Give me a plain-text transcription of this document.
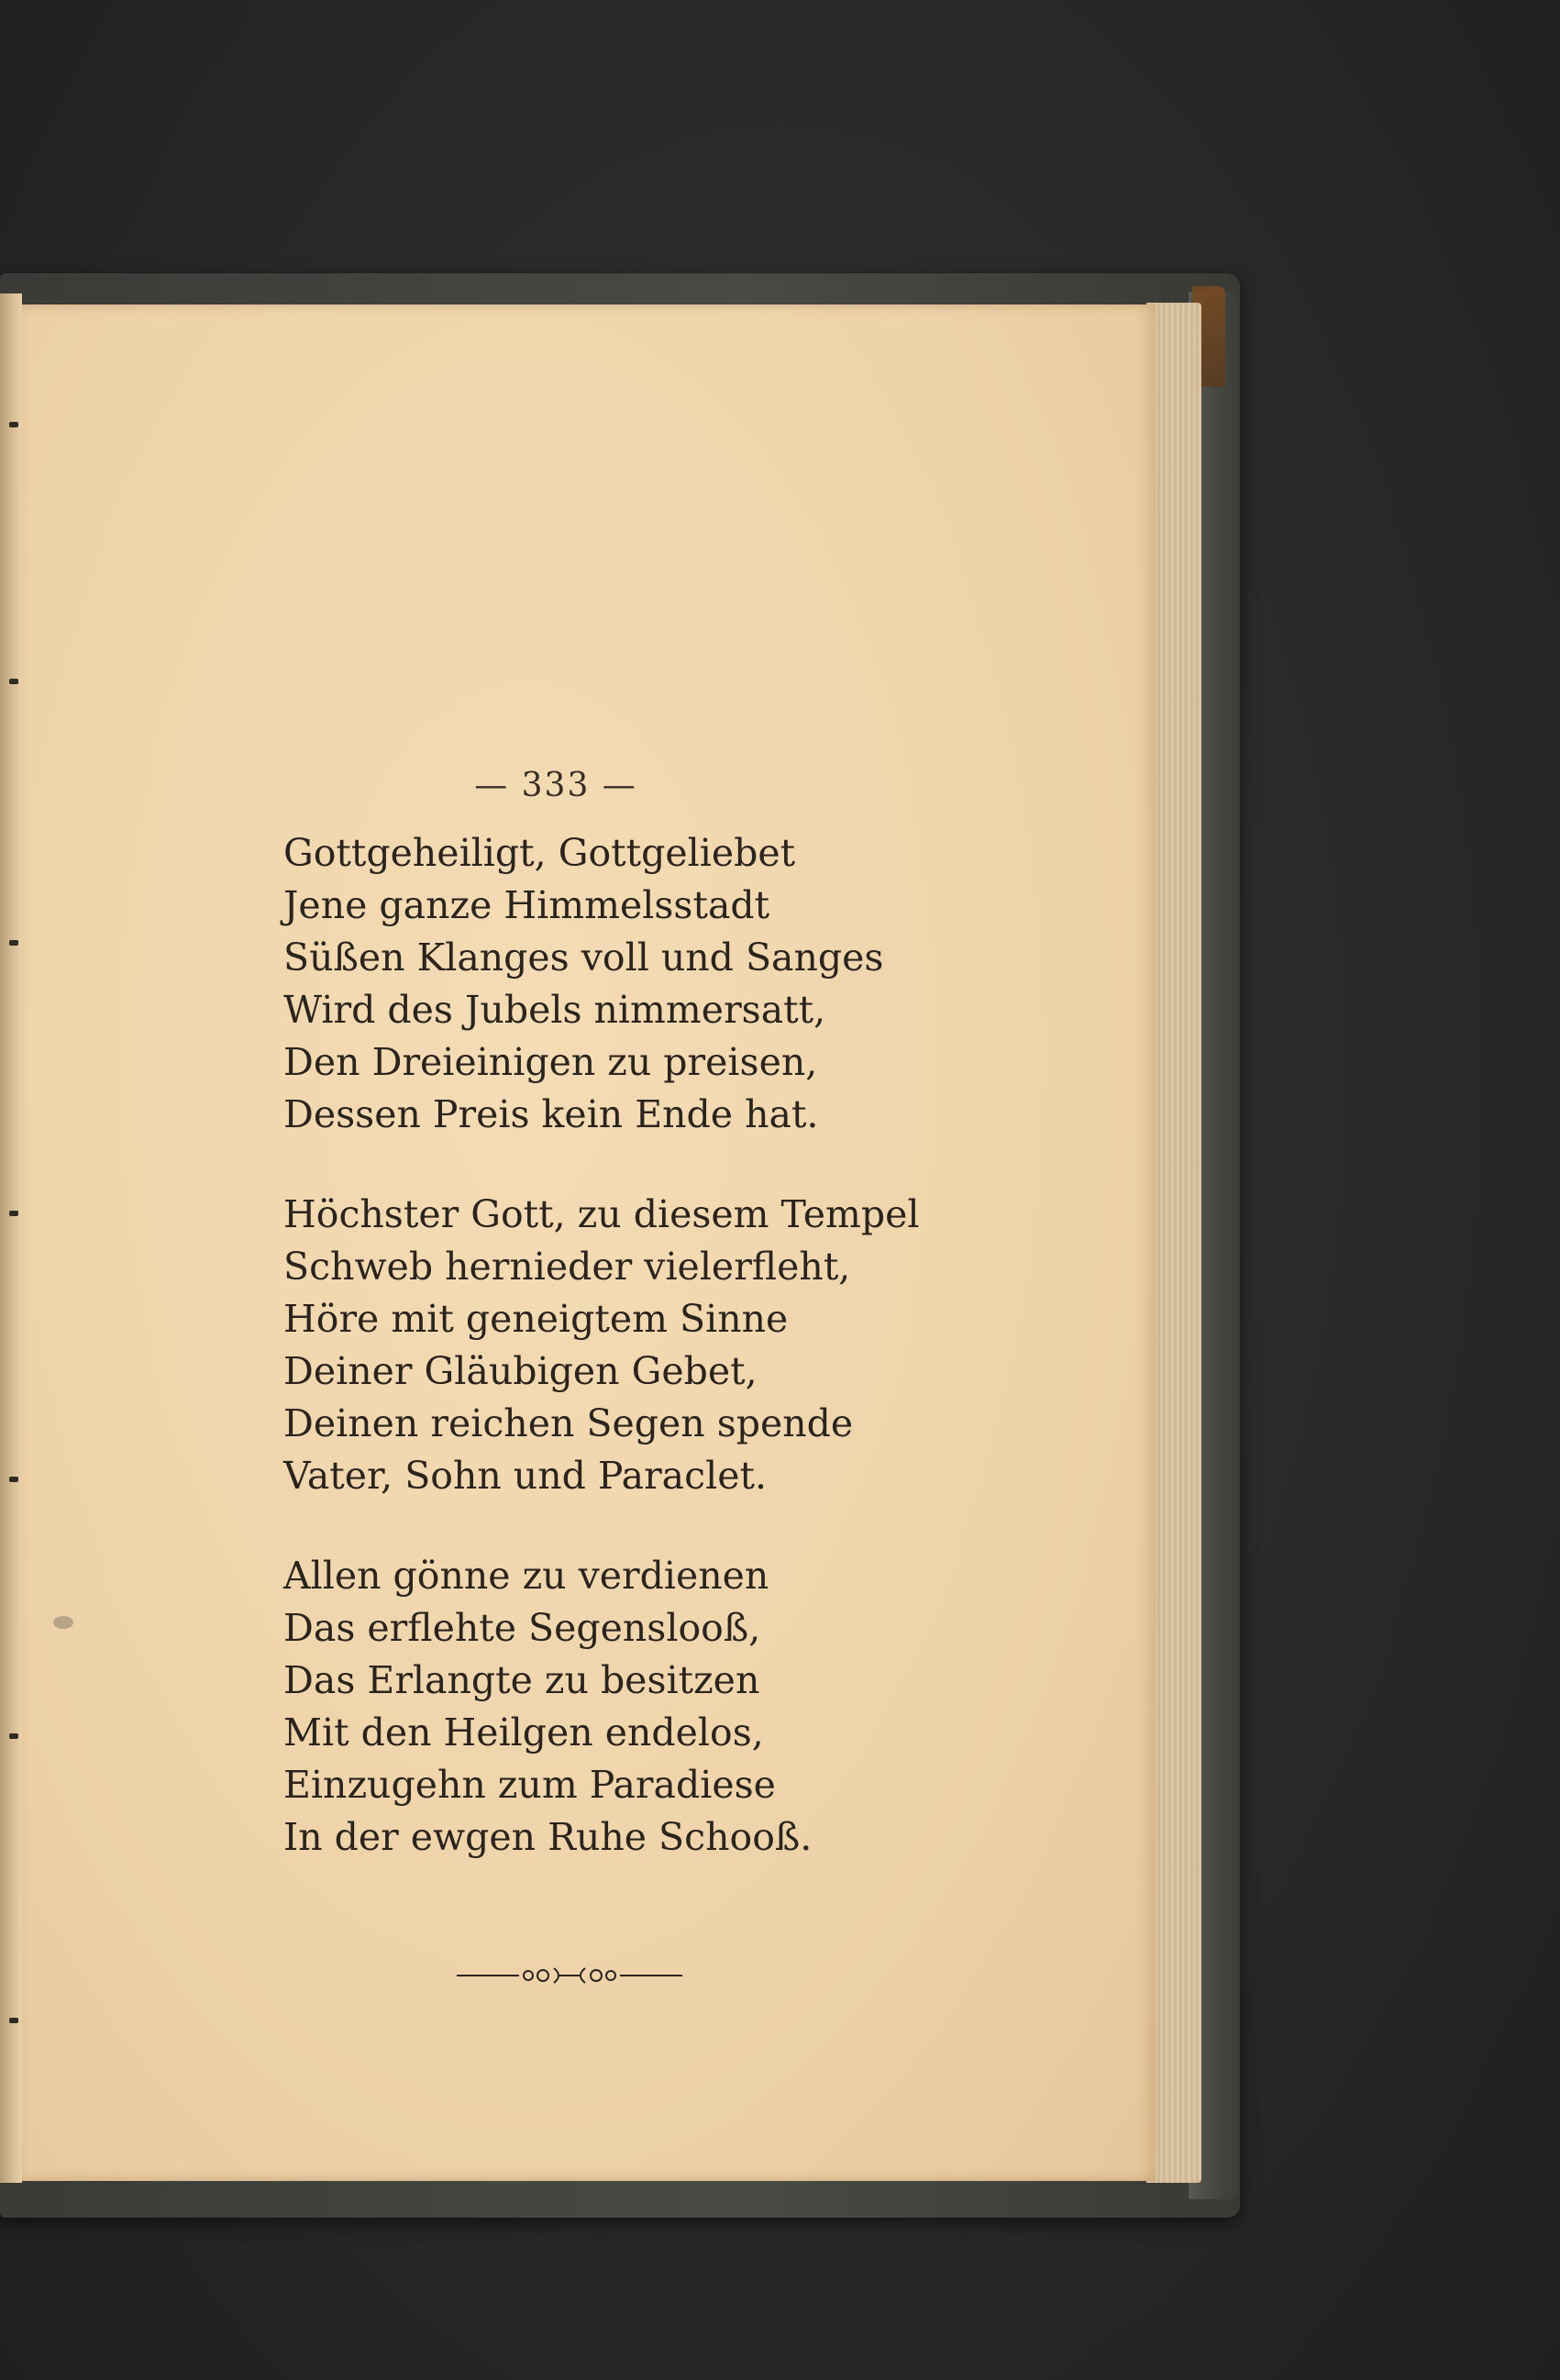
— 333 —
Gottgeheiligt, Gottgeliebet
Jene ganze Himmelsstadt
Süßen Klanges voll und Sanges
Wird des Jubels nimmersatt,
Den Dreieinigen zu preisen,
Dessen Preis kein Ende hat.
Höchster Gott, zu diesem Tempel
Schweb hernieder vielerfleht,
Höre mit geneigtem Sinne
Deiner Gläubigen Gebet,
Deinen reichen Segen spende
Vater, Sohn und Paraclet.
Allen gönne zu verdienen
Das erflehte Segenslooß,
Das Erlangte zu besitzen
Mit den Heilgen endelos,
Einzugehn zum Paradiese
In der ewgen Ruhe Schooß.
